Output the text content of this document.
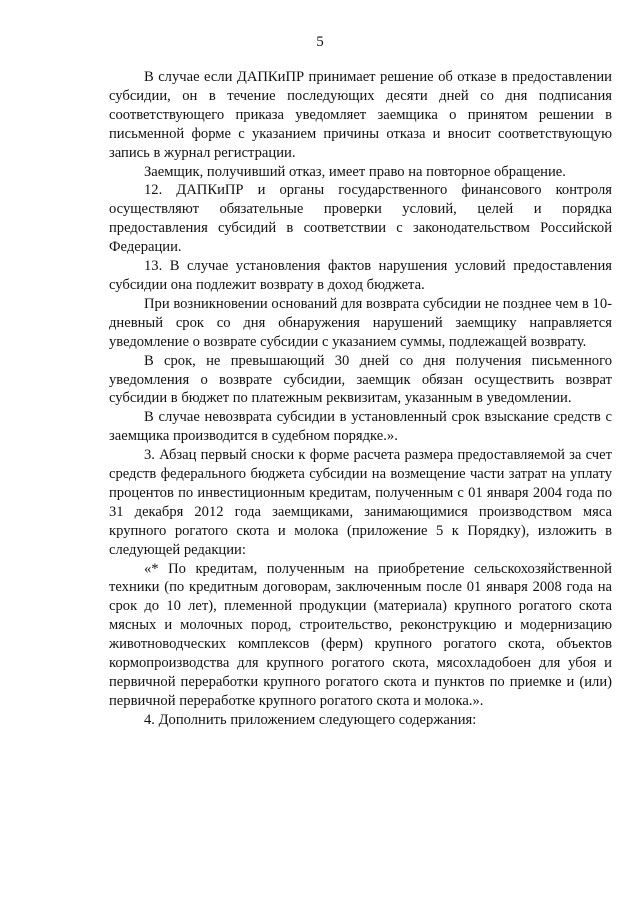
5

В случае если ДАПКиПР принимает решение об отказе в предоставлении субсидии, он в течение последующих десяти дней со дня подписания соответствующего приказа уведомляет заемщика о принятом решении в письменной форме с указанием причины отказа и вносит соответствующую запись в журнал регистрации.

Заемщик, получивший отказ, имеет право на повторное обращение.

12. ДАПКиПР и органы государственного финансового контроля осуществляют обязательные проверки условий, целей и порядка предоставления субсидий в соответствии с законодательством Российской Федерации.

13. В случае установления фактов нарушения условий предоставления субсидии она подлежит возврату в доход бюджета.

При возникновении оснований для возврата субсидии не позднее чем в 10-дневный срок со дня обнаружения нарушений заемщику направляется уведомление о возврате субсидии с указанием суммы, подлежащей возврату.

В срок, не превышающий 30 дней со дня получения письменного уведомления о возврате субсидии, заемщик обязан осуществить возврат субсидии в бюджет по платежным реквизитам, указанным в уведомлении.

В случае невозврата субсидии в установленный срок взыскание средств с заемщика производится в судебном порядке.».

3. Абзац первый сноски к форме расчета размера предоставляемой за счет средств федерального бюджета субсидии на возмещение части затрат на уплату процентов по инвестиционным кредитам, полученным с 01 января 2004 года по 31 декабря 2012 года заемщиками, занимающимися производством мяса крупного рогатого скота и молока (приложение 5 к Порядку), изложить в следующей редакции:

«* По кредитам, полученным на приобретение сельскохозяйственной техники (по кредитным договорам, заключенным после 01 января 2008 года на срок до 10 лет), племенной продукции (материала) крупного рогатого скота мясных и молочных пород, строительство, реконструкцию и модернизацию животноводческих комплексов (ферм) крупного рогатого скота, объектов кормопроизводства для крупного рогатого скота, мясохладобоен для убоя и первичной переработки крупного рогатого скота и пунктов по приемке и (или) первичной переработке крупного рогатого скота и молока.».

4. Дополнить приложением следующего содержания:
